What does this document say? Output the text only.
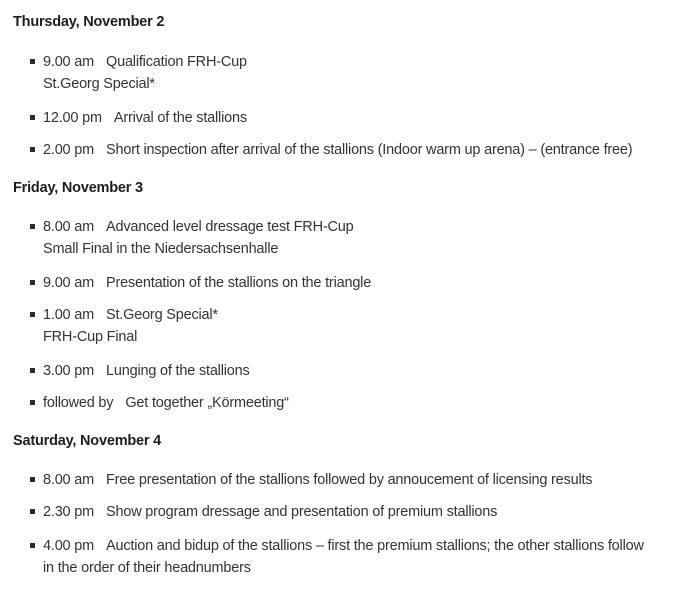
Thursday, November 2
9.00 am Qualification FRH-Cup
St.Georg Special*
12.00 pm Arrival of the stallions
2.00 pm Short inspection after arrival of the stallions (Indoor warm up arena) – (entrance free)
Friday, November 3
8.00 am Advanced level dressage test FRH-Cup
Small Final in the Niedersachsenhalle
9.00 am Presentation of the stallions on the triangle
1.00 am St.Georg Special*
FRH-Cup Final
3.00 pm Lunging of the stallions
followed by Get together „Körmeeting“
Saturday, November 4
8.00 am Free presentation of the stallions followed by annoucement of licensing results
2.30 pm Show program dressage and presentation of premium stallions
4.00 pm Auction and bidup of the stallions – first the premium stallions; the other stallions follow
in the order of their headnumbers
